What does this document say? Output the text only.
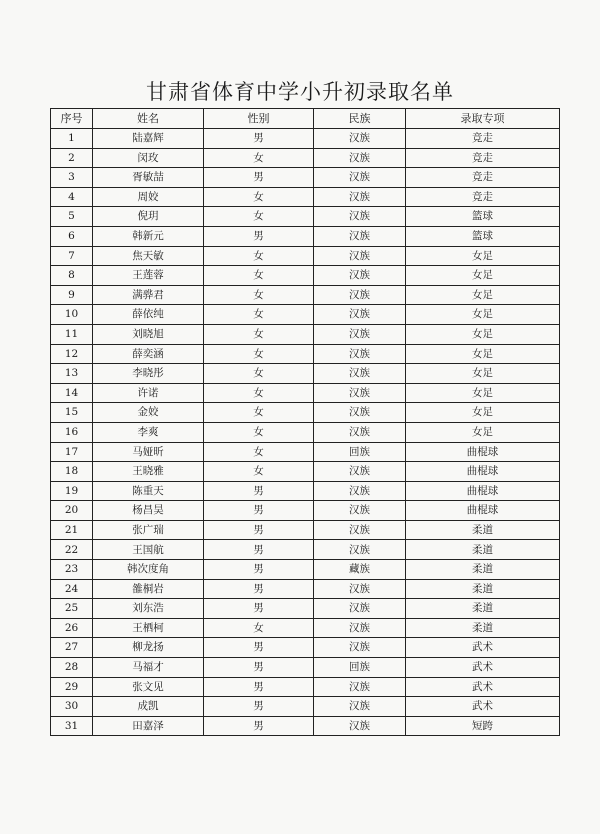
甘肃省体育中学小升初录取名单
序号	姓名	性别	民族	录取专项
1	陆嘉辉	男	汉族	竞走
2	闵玫	女	汉族	竞走
3	胥敏喆	男	汉族	竞走
4	周姣	女	汉族	竞走
5	倪玥	女	汉族	篮球
6	韩新元	男	汉族	篮球
7	焦天敏	女	汉族	女足
8	王莲蓉	女	汉族	女足
9	满骅君	女	汉族	女足
10	薛依纯	女	汉族	女足
11	刘晓旭	女	汉族	女足
12	薛奕涵	女	汉族	女足
13	李晓彤	女	汉族	女足
14	许诺	女	汉族	女足
15	金姣	女	汉族	女足
16	李爽	女	汉族	女足
17	马娅昕	女	回族	曲棍球
18	王晓雅	女	汉族	曲棍球
19	陈重天	男	汉族	曲棍球
20	杨昌昊	男	汉族	曲棍球
21	张广瑞	男	汉族	柔道
22	王国航	男	汉族	柔道
23	韩次度角	男	藏族	柔道
24	雒桐岩	男	汉族	柔道
25	刘东浩	男	汉族	柔道
26	王栖柯	女	汉族	柔道
27	柳龙扬	男	汉族	武术
28	马福才	男	回族	武术
29	张文见	男	汉族	武术
30	成凯	男	汉族	武术
31	田嘉泽	男	汉族	短跨
